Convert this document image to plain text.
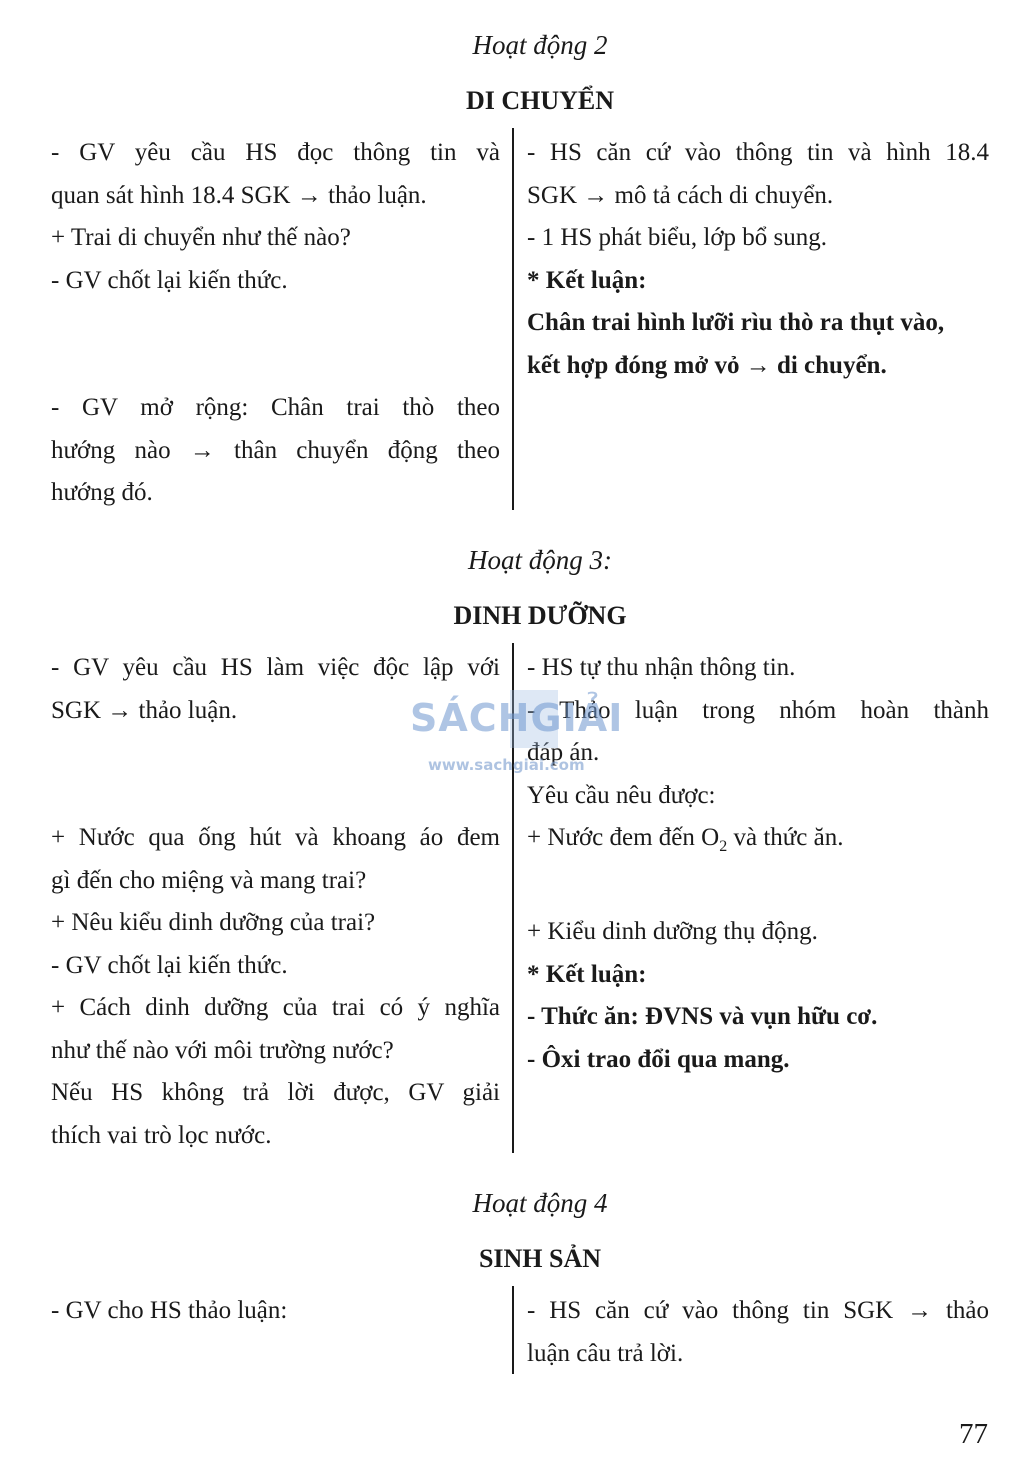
Hoạt động 2
DI CHUYỂN
- GV yêu cầu HS đọc thông tin và
quan sát hình 18.4 SGK → thảo luận.
+ Trai di chuyển như thế nào?
- GV chốt lại kiến thức.
- GV mở rộng: Chân trai thò theo
hướng nào → thân chuyển động theo
hướng đó.
- HS căn cứ vào thông tin và hình 18.4
SGK → mô tả cách di chuyển.
- 1 HS phát biểu, lớp bổ sung.
* Kết luận:
Chân trai hình lưỡi rìu thò ra thụt vào,
kết hợp đóng mở vỏ → di chuyển.
Hoạt động 3:
DINH DƯỠNG
- GV yêu cầu HS làm việc độc lập với
SGK → thảo luận.
+ Nước qua ống hút và khoang áo đem
gì đến cho miệng và mang trai?
+ Nêu kiểu dinh dưỡng của trai?
- GV chốt lại kiến thức.
+ Cách dinh dưỡng của trai có ý nghĩa
như thế nào với môi trường nước?
Nếu HS không trả lời được, GV giải
thích vai trò lọc nước.
- HS tự thu nhận thông tin.
- Thảo luận trong nhóm hoàn thành
đáp án.
Yêu cầu nêu được:
+ Nước đem đến $O_2$ và thức ăn.
+ Kiểu dinh dưỡng thụ động.
* Kết luận:
- Thức ăn: ĐVNS và vụn hữu cơ.
- Ôxi trao đổi qua mang.
Hoạt động 4
SINH SẢN
- GV cho HS thảo luận:	- HS căn cứ vào thông tin SGK → thảo
luận câu trả lời.
SÁCHGIẢI
www.sachgiai.com
77
